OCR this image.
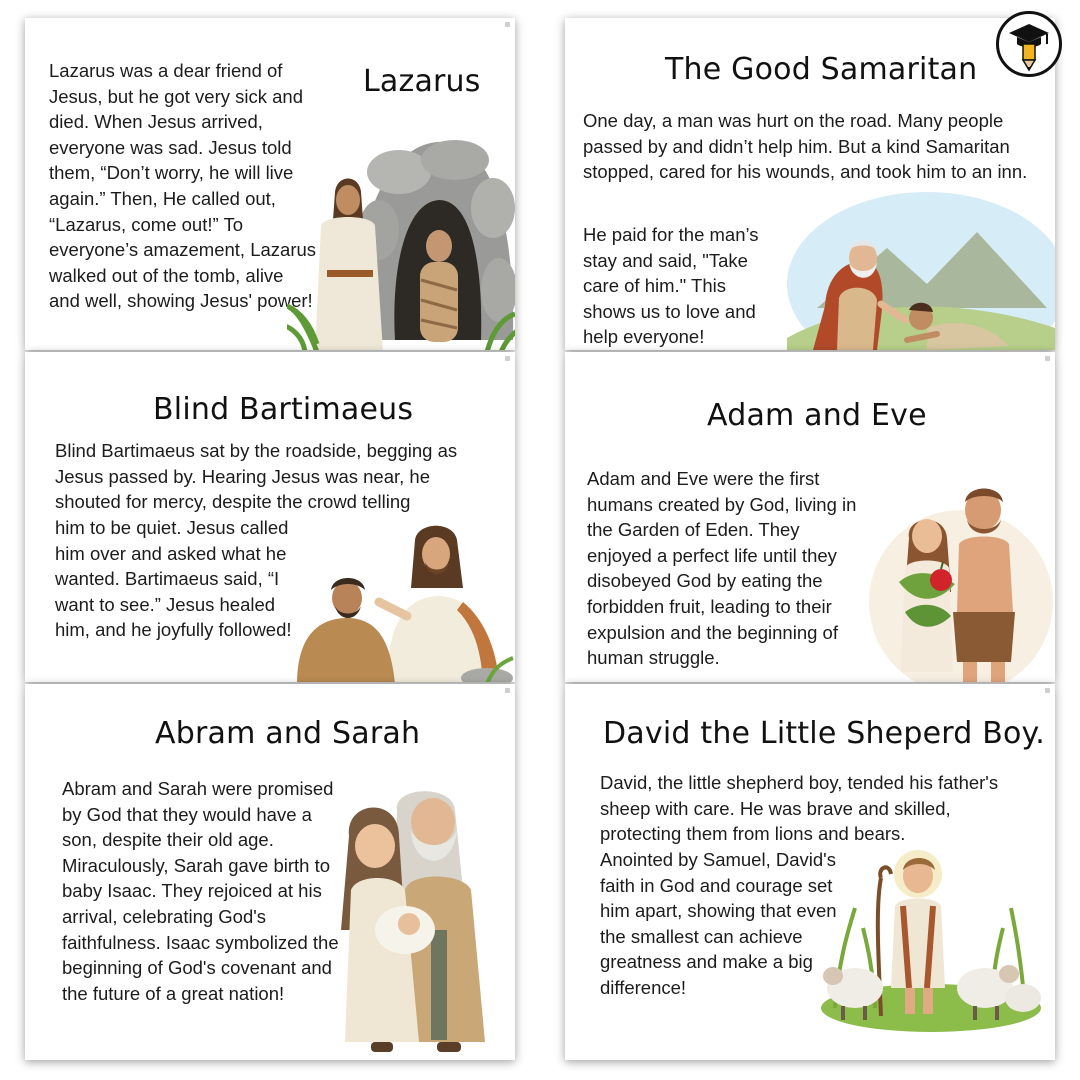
Lazarus

Lazarus was a dear friend of Jesus, but he got very sick and died. When Jesus arrived, everyone was sad. Jesus told them, “Don’t worry, he will live again.” Then, He called out, “Lazarus, come out!” To everyone’s amazement, Lazarus walked out of the tomb, alive and well, showing Jesus' power!

The Good Samaritan

One day, a man was hurt on the road. Many people passed by and didn’t help him. But a kind Samaritan stopped, cared for his wounds, and took him to an inn.

He paid for the man’s stay and said, "Take care of him." This shows us to love and help everyone!

Blind Bartimaeus

Blind Bartimaeus sat by the roadside, begging as Jesus passed by. Hearing Jesus was near, he shouted for mercy, despite the crowd telling

him to be quiet. Jesus called him over and asked what he wanted. Bartimaeus said, “I want to see.” Jesus healed him, and he joyfully followed!

Adam and Eve

Adam and Eve were the first humans created by God, living in the Garden of Eden. They enjoyed a perfect life until they disobeyed God by eating the forbidden fruit, leading to their expulsion and the beginning of human struggle.

Abram and Sarah

Abram and Sarah were promised by God that they would have a son, despite their old age. Miraculously, Sarah gave birth to baby Isaac. They rejoiced at his arrival, celebrating God's faithfulness. Isaac symbolized the beginning of God's covenant and the future of a great nation!

David the Little Sheperd Boy.

David, the little shepherd boy, tended his father's sheep with care. He was brave and skilled, protecting them from lions and bears.

Anointed by Samuel, David's faith in God and courage set him apart, showing that even the smallest can achieve greatness and make a big difference!
